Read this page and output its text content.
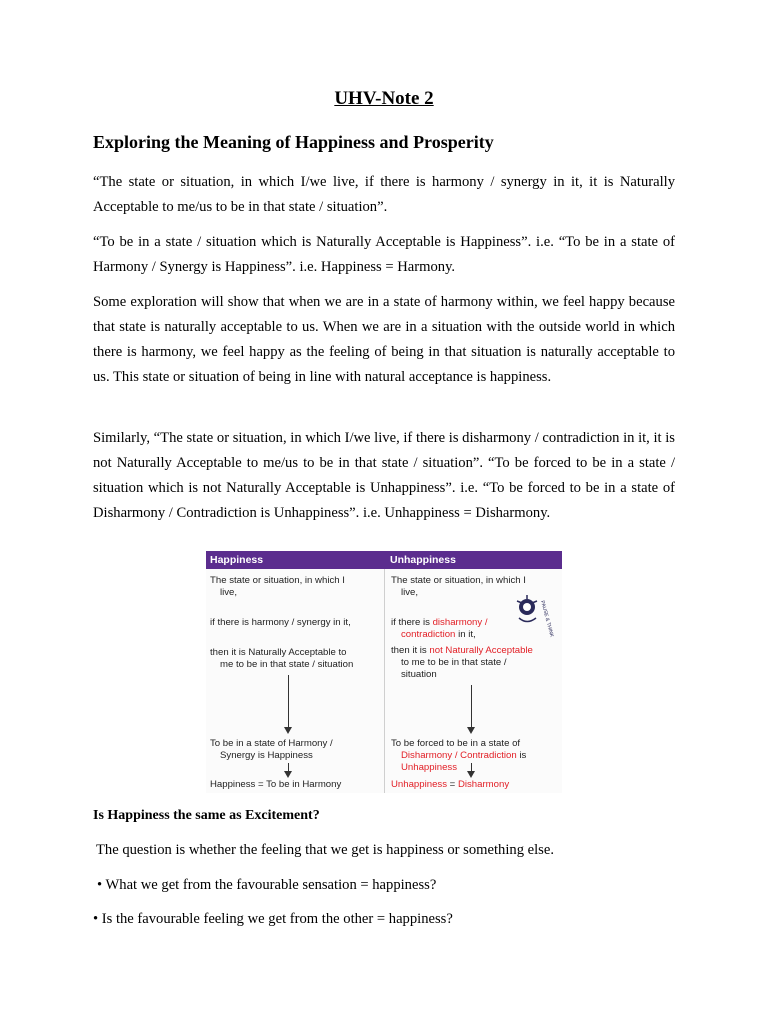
UHV-Note 2
Exploring the Meaning of Happiness and Prosperity
“The state or situation, in which I/we live, if there is harmony / synergy in it, it is Naturally Acceptable to me/us to be in that state / situation”.
“To be in a state / situation which is Naturally Acceptable is Happiness”. i.e. “To be in a state of Harmony / Synergy is Happiness”. i.e. Happiness = Harmony.
Some exploration will show that when we are in a state of harmony within, we feel happy because that state is naturally acceptable to us. When we are in a situation with the outside world in which there is harmony, we feel happy as the feeling of being in that situation is naturally acceptable to us. This state or situation of being in line with natural acceptance is happiness.
Similarly, “The state or situation, in which I/we live, if there is disharmony / contradiction in it, it is not Naturally Acceptable to me/us to be in that state / situation”. “To be forced to be in a state / situation which is not Naturally Acceptable is Unhappiness”. i.e. “To be forced to be in a state of Disharmony / Contradiction is Unhappiness”. i.e. Unhappiness = Disharmony.
Is Happiness the same as Excitement?
The question is whether the feeling that we get is happiness or something else.
• What we get from the favourable sensation = happiness?
• Is the favourable feeling we get from the other = happiness?
Happiness	Unhappiness
The state or situation, in which I
live,
if there is harmony / synergy in it,
then it is Naturally Acceptable to
me to be in that state / situation
To be in a state of Harmony /
Synergy is Happiness
Happiness = To be in Harmony
The state or situation, in which I
live,
if there is disharmony /
contradiction in it,
then it is not Naturally Acceptable
to me to be in that state /
situation
To be forced to be in a state of
Disharmony / Contradiction is
Unhappiness
Unhappiness = Disharmony
PAUSE & THINK
